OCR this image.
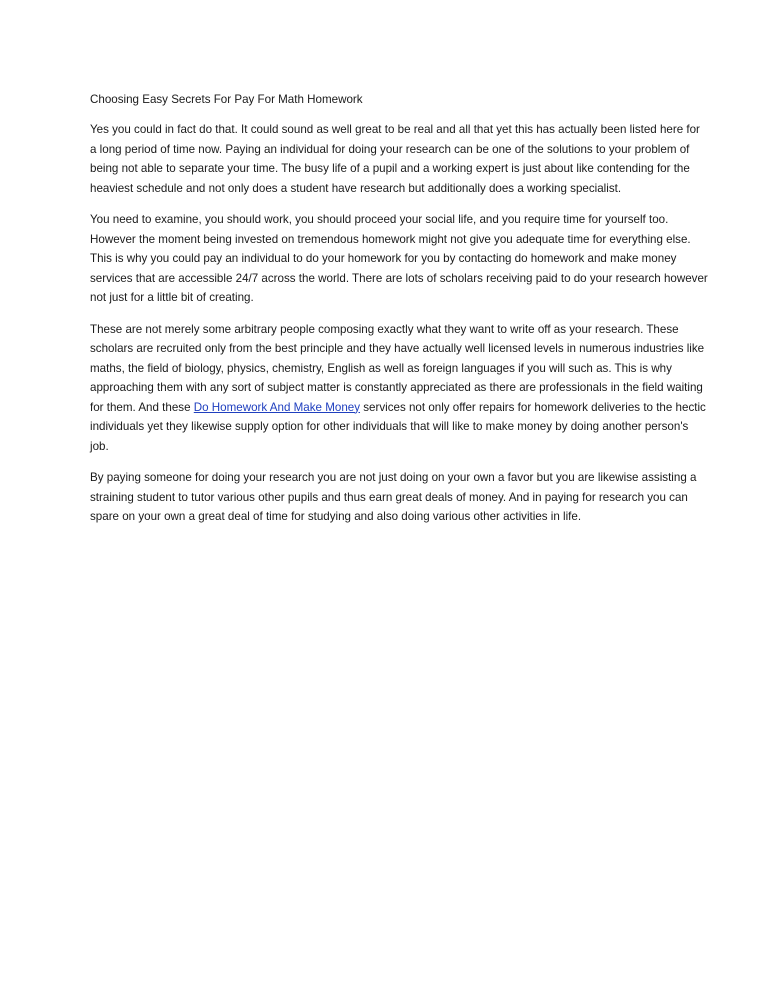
Choosing Easy Secrets For Pay For Math Homework

Yes you could in fact do that. It could sound as well great to be real and all that yet this has actually been listed here for a long period of time now. Paying an individual for doing your research can be one of the solutions to your problem of being not able to separate your time. The busy life of a pupil and a working expert is just about like contending for the heaviest schedule and not only does a student have research but additionally does a working specialist.

You need to examine, you should work, you should proceed your social life, and you require time for yourself too. However the moment being invested on tremendous homework might not give you adequate time for everything else. This is why you could pay an individual to do your homework for you by contacting do homework and make money services that are accessible 24/7 across the world. There are lots of scholars receiving paid to do your research however not just for a little bit of creating.

These are not merely some arbitrary people composing exactly what they want to write off as your research. These scholars are recruited only from the best principle and they have actually well licensed levels in numerous industries like maths, the field of biology, physics, chemistry, English as well as foreign languages if you will such as. This is why approaching them with any sort of subject matter is constantly appreciated as there are professionals in the field waiting for them. And these Do Homework And Make Money services not only offer repairs for homework deliveries to the hectic individuals yet they likewise supply option for other individuals that will like to make money by doing another person's job.

By paying someone for doing your research you are not just doing on your own a favor but you are likewise assisting a straining student to tutor various other pupils and thus earn great deals of money. And in paying for research you can spare on your own a great deal of time for studying and also doing various other activities in life.
